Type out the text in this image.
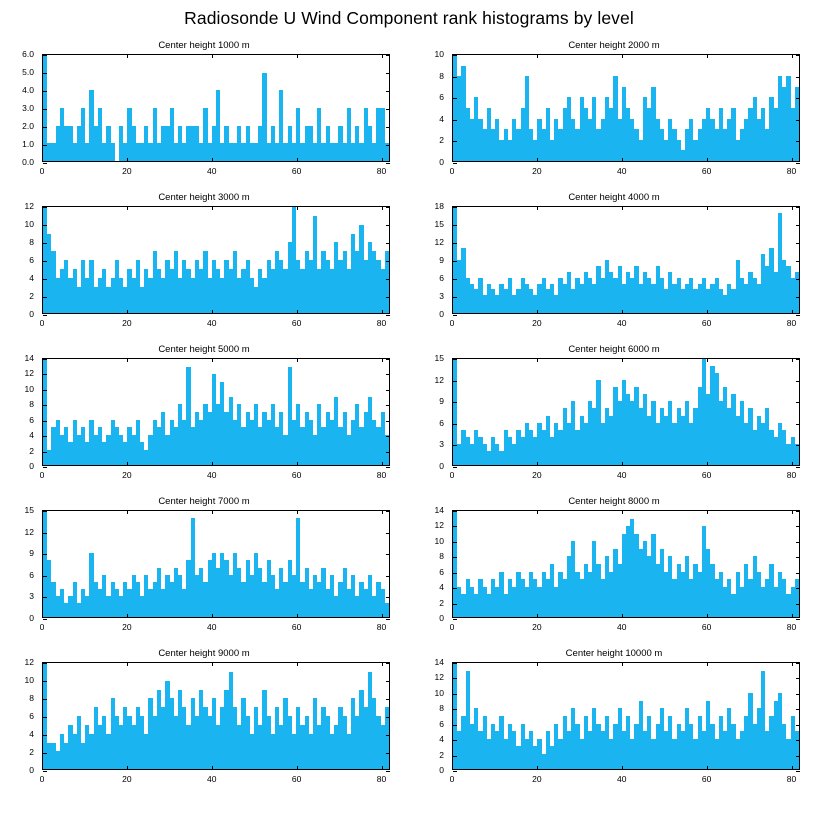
Radiosonde U Wind Component rank histograms by level
Center height 1000 m
0.0
1.0
2.0
3.0
4.0
5.0
6.0
0	20	40	60	80
Center height 2000 m
0
2
4
6
8
10
0	20	40	60	80
Center height 3000 m
0
2
4
6
8
10
12
0	20	40	60	80
Center height 4000 m
0
3
6
9
12
15
18
0	20	40	60	80
Center height 5000 m
0
2
4
6
8
10
12
14
0	20	40	60	80
Center height 6000 m
0
3
6
9
12
15
0	20	40	60	80
Center height 7000 m
0
3
6
9
12
15
0	20	40	60	80
Center height 8000 m
0
2
4
6
8
10
12
14
0	20	40	60	80
Center height 9000 m
0
2
4
6
8
10
12
0	20	40	60	80
Center height 10000 m
0
2
4
6
8
10
12
14
0	20	40	60	80
